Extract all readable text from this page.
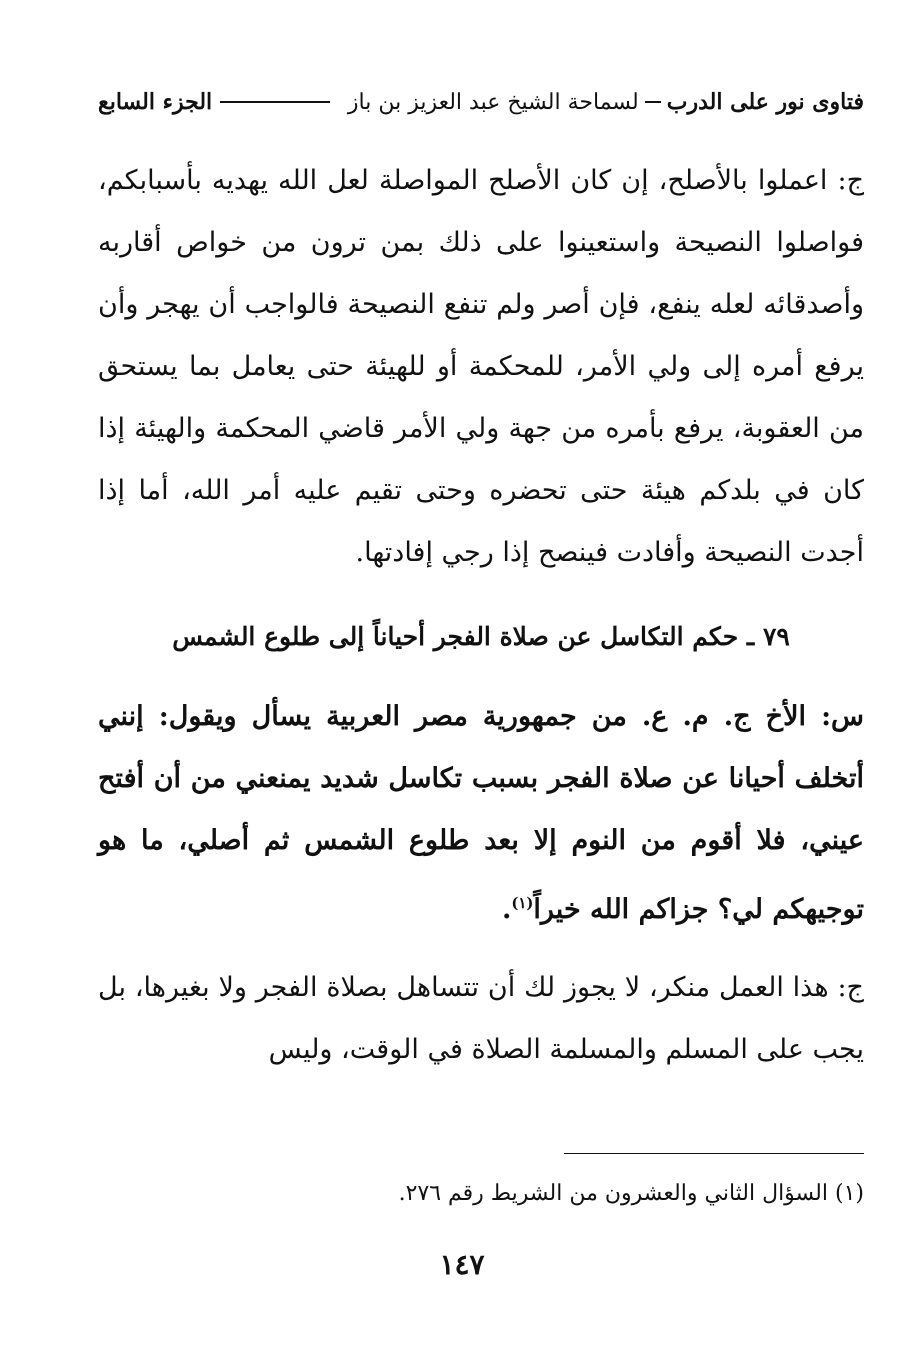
فتاوى نور على الدرب
لسماحة الشيخ عبد العزيز بن باز
الجزء السابع

ج: اعملوا بالأصلح، إن كان الأصلح المواصلة لعل الله يهديه بأسبابكم، فواصلوا النصيحة واستعينوا على ذلك بمن ترون من خواص أقاربه وأصدقائه لعله ينفع، فإن أصر ولم تنفع النصيحة فالواجب أن يهجر وأن يرفع أمره إلى ولي الأمر، للمحكمة أو للهيئة حتى يعامل بما يستحق من العقوبة، يرفع بأمره من جهة ولي الأمر قاضي المحكمة والهيئة إذا كان في بلدكم هيئة حتى تحضره وحتى تقيم عليه أمر الله، أما إذا أجدت النصيحة وأفادت فينصح إذا رجي إفادتها.

٧٩ ـ حكم التكاسل عن صلاة الفجر أحياناً إلى طلوع الشمس

س: الأخ ج. م. ع. من جمهورية مصر العربية يسأل ويقول: إنني أتخلف أحيانا عن صلاة الفجر بسبب تكاسل شديد يمنعني من أن أفتح عيني، فلا أقوم من النوم إلا بعد طلوع الشمس ثم أصلي، ما هو توجيهكم لي؟ جزاكم الله خيراً$^{(١)}$.

ج: هذا العمل منكر، لا يجوز لك أن تتساهل بصلاة الفجر ولا بغيرها، بل يجب على المسلم والمسلمة الصلاة في الوقت، وليس

(١) السؤال الثاني والعشرون من الشريط رقم ٢٧٦.
١٤٧
